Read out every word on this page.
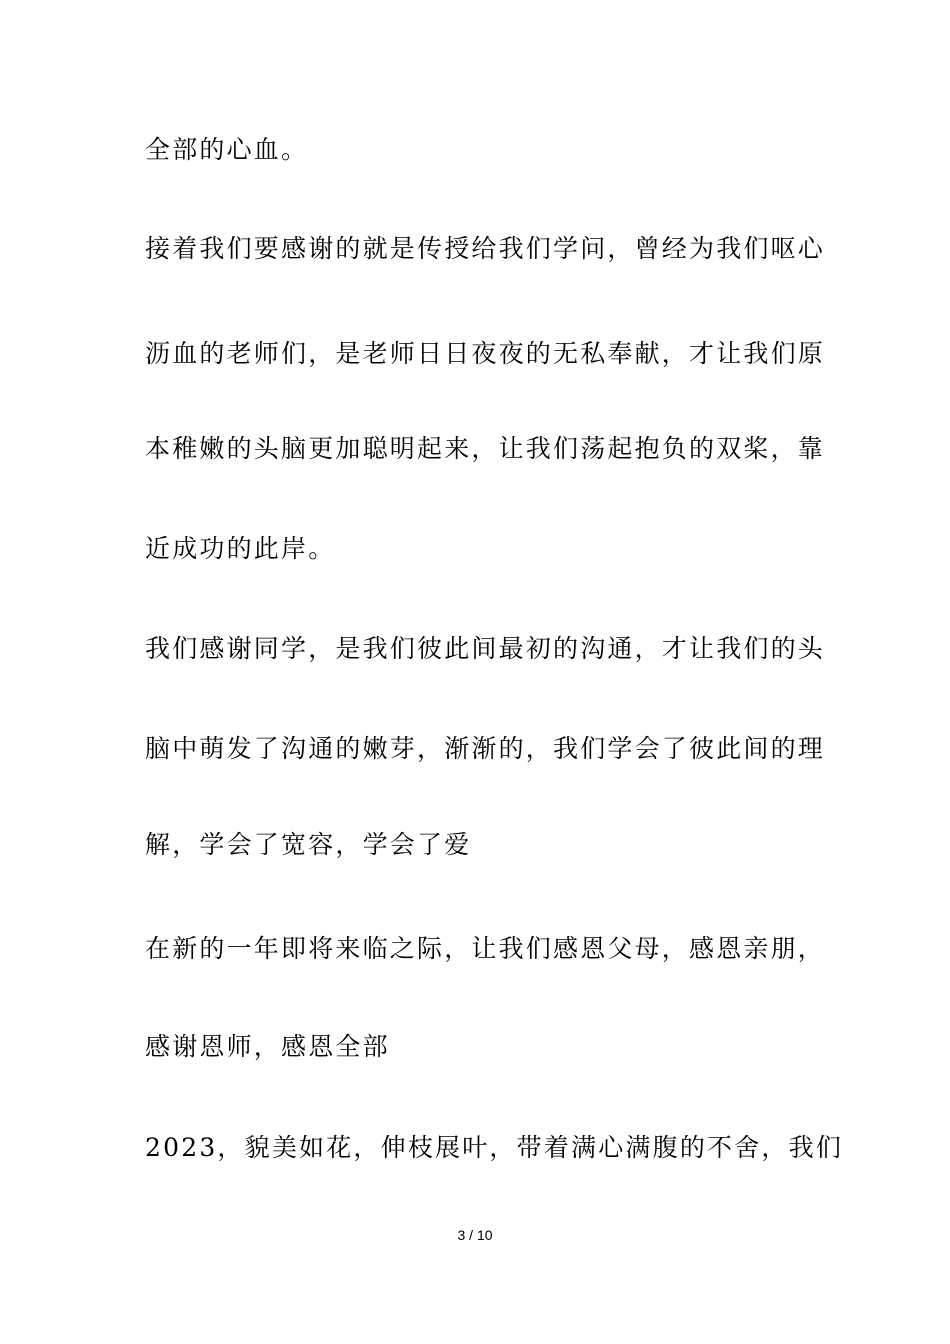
全部的心血。
接着我们要感谢的就是传授给我们学问，曾经为我们呕心
沥血的老师们，是老师日日夜夜的无私奉献，才让我们原
本稚嫩的头脑更加聪明起来，让我们荡起抱负的双桨，靠
近成功的此岸。
我们感谢同学，是我们彼此间最初的沟通，才让我们的头
脑中萌发了沟通的嫩芽，渐渐的，我们学会了彼此间的理
解，学会了宽容，学会了爱
在新的一年即将来临之际，让我们感恩父母，感恩亲朋，
感谢恩师，感恩全部
2023，貌美如花，伸枝展叶，带着满心满腹的不舍，我们
3 / 10
